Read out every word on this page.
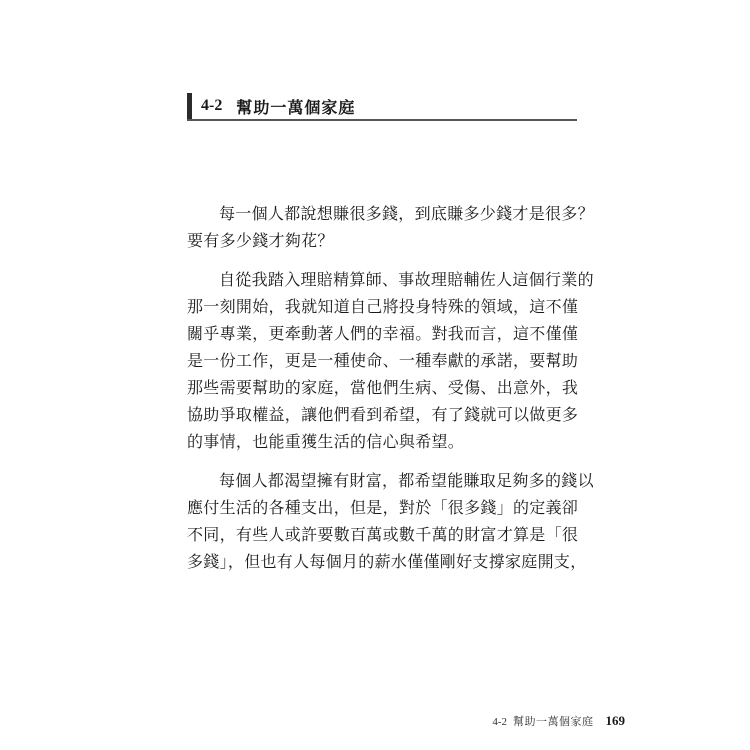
4-2 幫助一萬個家庭
每一個人都說想賺很多錢，到底賺多少錢才是很多？
要有多少錢才夠花？
自從我踏入理賠精算師、事故理賠輔佐人這個行業的
那一刻開始，我就知道自己將投身特殊的領域，這不僅
關乎專業，更牽動著人們的幸福。對我而言，這不僅僅
是一份工作，更是一種使命、一種奉獻的承諾，要幫助
那些需要幫助的家庭，當他們生病、受傷、出意外，我
協助爭取權益，讓他們看到希望，有了錢就可以做更多
的事情，也能重獲生活的信心與希望。
每個人都渴望擁有財富，都希望能賺取足夠多的錢以
應付生活的各種支出，但是，對於「很多錢」的定義卻
不同，有些人或許要數百萬或數千萬的財富才算是「很
多錢」，但也有人每個月的薪水僅僅剛好支撐家庭開支，
4-2 幫助一萬個家庭 169
